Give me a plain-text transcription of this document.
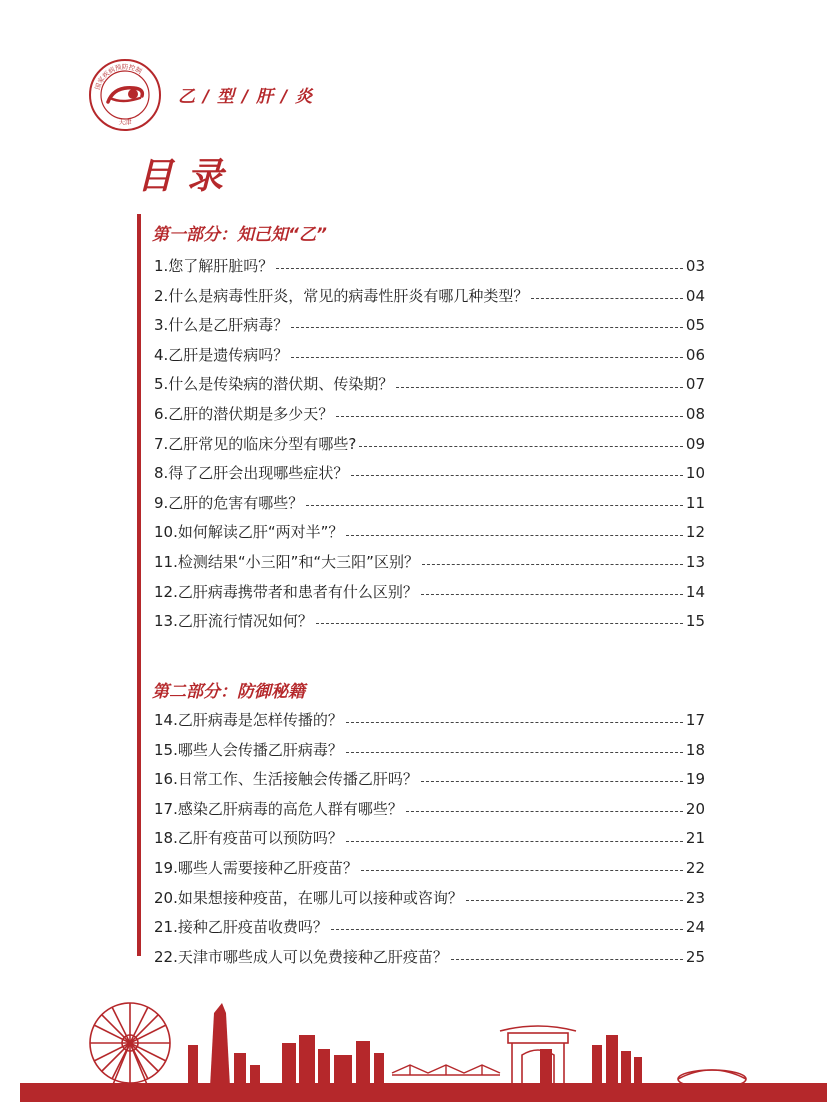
国家疾病预防控制
天津
乙 / 型 / 肝 / 炎
目录
第一部分：知己知“乙”
1.您了解肝脏吗？	03
2.什么是病毒性肝炎，常见的病毒性肝炎有哪几种类型？	04
3.什么是乙肝病毒？	05
4.乙肝是遗传病吗？	06
5.什么是传染病的潜伏期、传染期？	07
6.乙肝的潜伏期是多少天？	08
7.乙肝常见的临床分型有哪些?	09
8.得了乙肝会出现哪些症状？	10
9.乙肝的危害有哪些？	11
10.如何解读乙肝“两对半”？	12
11.检测结果“小三阳”和“大三阳”区别？	13
12.乙肝病毒携带者和患者有什么区别？	14
13.乙肝流行情况如何？	15
第二部分：防御秘籍
14.乙肝病毒是怎样传播的？	17
15.哪些人会传播乙肝病毒？	18
16.日常工作、生活接触会传播乙肝吗？	19
17.感染乙肝病毒的高危人群有哪些？	20
18.乙肝有疫苗可以预防吗？	21
19.哪些人需要接种乙肝疫苗？	22
20.如果想接种疫苗，在哪儿可以接种或咨询？	23
21.接种乙肝疫苗收费吗？	24
22.天津市哪些成人可以免费接种乙肝疫苗？	25
